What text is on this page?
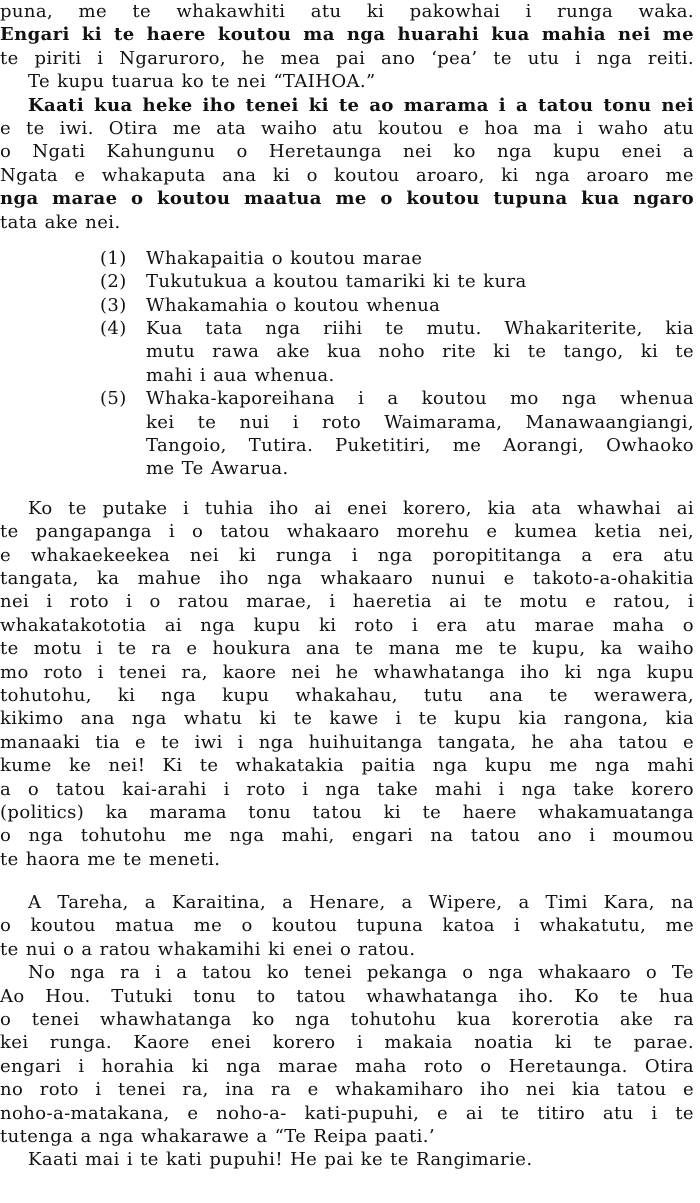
puna, me te whakawhiti atu ki pakowhai i runga waka.
Engari ki te haere koutou ma nga huarahi kua mahia nei me
te piriti i Ngaruroro, he mea pai ano ‘pea’ te utu i nga reiti.
Te kupu tuarua ko te nei “TAIHOA.”
Kaati kua heke iho tenei ki te ao marama i a tatou tonu nei
e te iwi. Otira me ata waiho atu koutou e hoa ma i waho atu
o Ngati Kahungunu o Heretaunga nei ko nga kupu enei a
Ngata e whakaputa ana ki o koutou aroaro, ki nga aroaro me
nga marae o koutou maatua me o koutou tupuna kua ngaro
tata ake nei.
(1)	Whakapaitia o koutou marae
(2)	Tukutukua a koutou tamariki ki te kura
(3)	Whakamahia o koutou whenua
(4)	Kua tata nga riihi te mutu. Whakariterite, kia
mutu rawa ake kua noho rite ki te tango, ki te
mahi i aua whenua.
(5)	Whaka-kaporeihana i a koutou mo nga whenua
kei te nui i roto Waimarama, Manawaangiangi,
Tangoio, Tutira. Puketitiri, me Aorangi, Owhaoko
me Te Awarua.
Ko te putake i tuhia iho ai enei korero, kia ata whawhai ai
te pangapanga i o tatou whakaaro morehu e kumea ketia nei,
e whakaekeekea nei ki runga i nga poropititanga a era atu
tangata, ka mahue iho nga whakaaro nunui e takoto-a-ohakitia
nei i roto i o ratou marae, i haeretia ai te motu e ratou, i
whakatakototia ai nga kupu ki roto i era atu marae maha o
te motu i te ra e houkura ana te mana me te kupu, ka waiho
mo roto i tenei ra, kaore nei he whawhatanga iho ki nga kupu
tohutohu, ki nga kupu whakahau, tutu ana te werawera,
kikimo ana nga whatu ki te kawe i te kupu kia rangona, kia
manaaki tia e te iwi i nga huihuitanga tangata, he aha tatou e
kume ke nei! Ki te whakatakia paitia nga kupu me nga mahi
a o tatou kai-arahi i roto i nga take mahi i nga take korero
(politics) ka marama tonu tatou ki te haere whakamuatanga
o nga tohutohu me nga mahi, engari na tatou ano i moumou
te haora me te meneti.
A Tareha, a Karaitina, a Henare, a Wipere, a Timi Kara, na
o koutou matua me o koutou tupuna katoa i whakatutu, me
te nui o a ratou whakamihi ki enei o ratou.
No nga ra i a tatou ko tenei pekanga o nga whakaaro o Te
Ao Hou. Tutuki tonu to tatou whawhatanga iho. Ko te hua
o tenei whawhatanga ko nga tohutohu kua korerotia ake ra
kei runga. Kaore enei korero i makaia noatia ki te parae.
engari i horahia ki nga marae maha roto o Heretaunga. Otira
no roto i tenei ra, ina ra e whakamiharo iho nei kia tatou e
noho-a-matakana, e noho-a- kati-pupuhi, e ai te titiro atu i te
tutenga a nga whakarawe a “Te Reipa paati.’
Kaati mai i te kati pupuhi! He pai ke te Rangimarie.
